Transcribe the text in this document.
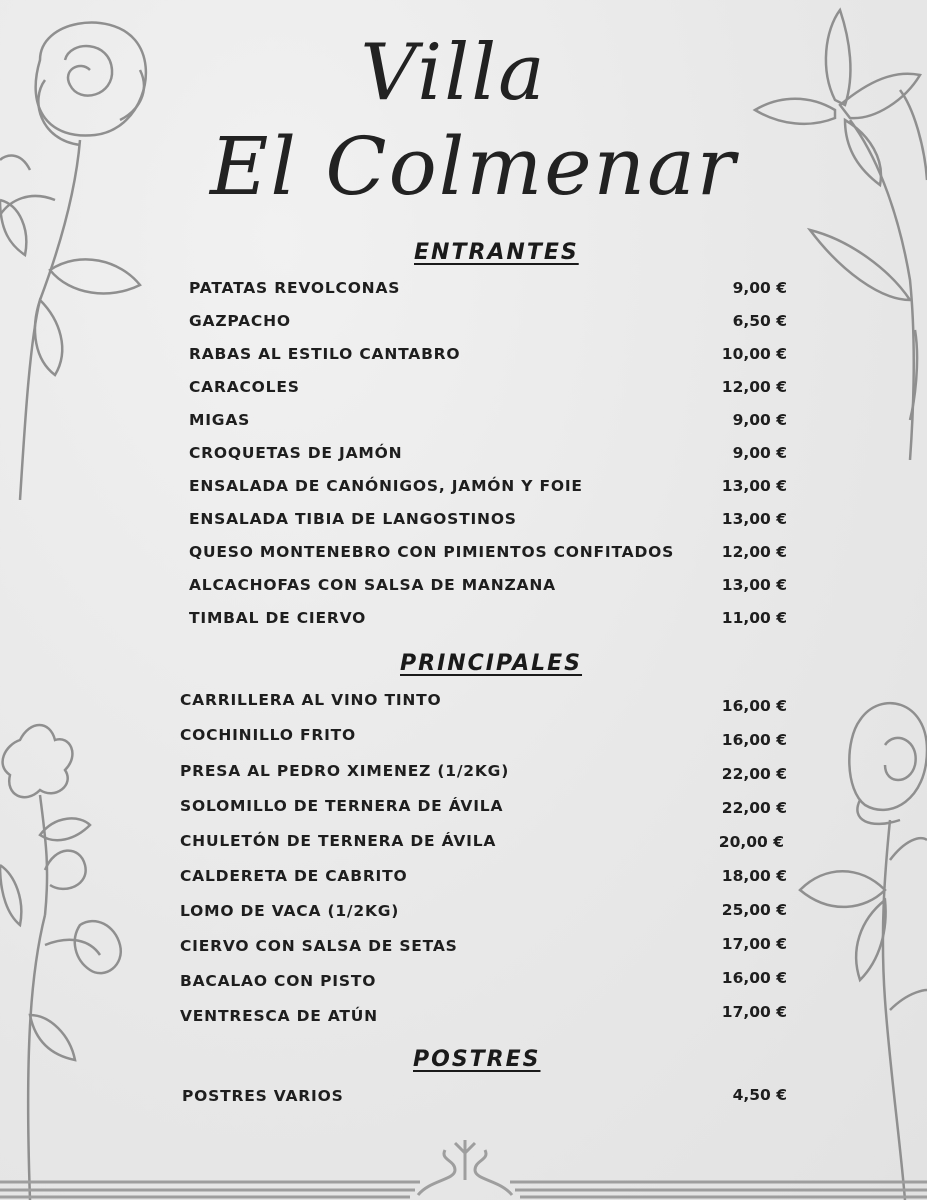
Villa
El Colmenar
ENTRANTES
PATATAS REVOLCONAS	9,00 €
GAZPACHO	6,50 €
RABAS AL ESTILO CANTABRO	10,00 €
CARACOLES	12,00 €
MIGAS	9,00 €
CROQUETAS DE JAMÓN	9,00 €
ENSALADA DE CANÓNIGOS, JAMÓN Y FOIE	13,00 €
ENSALADA TIBIA DE LANGOSTINOS	13,00 €
QUESO MONTENEBRO CON PIMIENTOS CONFITADOS	12,00 €
ALCACHOFAS CON SALSA DE MANZANA	13,00 €
TIMBAL DE CIERVO	11,00 €
PRINCIPALES
CARRILLERA AL VINO TINTO	16,00 €
COCHINILLO FRITO	16,00 €
PRESA AL PEDRO XIMENEZ (1/2KG)	22,00 €
SOLOMILLO DE TERNERA DE ÁVILA	22,00 €
CHULETÓN DE TERNERA DE ÁVILA	20,00 €
CALDERETA DE CABRITO	18,00 €
LOMO DE VACA (1/2KG)	25,00 €
CIERVO CON SALSA DE SETAS	17,00 €
BACALAO CON PISTO	16,00 €
VENTRESCA DE ATÚN	17,00 €
POSTRES
POSTRES VARIOS	4,50 €
